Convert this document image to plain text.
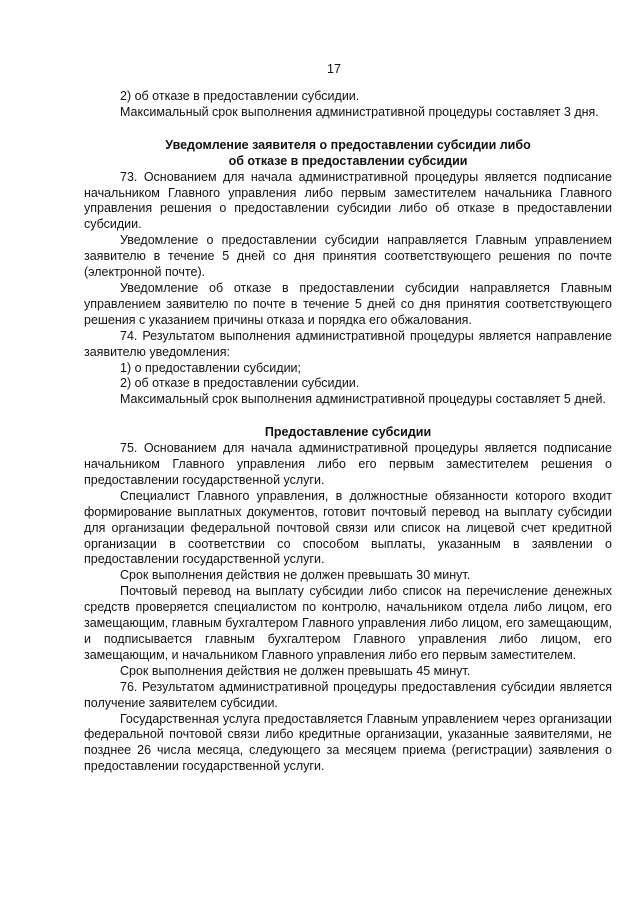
17

2) об отказе в предоставлении субсидии.

Максимальный срок выполнения административной процедуры составляет 3 дня.

Уведомление заявителя о предоставлении субсидии либо
об отказе в предоставлении субсидии

73. Основанием для начала административной процедуры является подписание начальником Главного управления либо первым заместителем начальника Главного управления решения о предоставлении субсидии либо об отказе в предоставлении субсидии.

Уведомление о предоставлении субсидии направляется Главным управлением заявителю в течение 5 дней со дня принятия соответствующего решения по почте (электронной почте).

Уведомление об отказе в предоставлении субсидии направляется Главным управлением заявителю по почте в течение 5 дней со дня принятия соответствующего решения с указанием причины отказа и порядка его обжалования.

74. Результатом выполнения административной процедуры является направление заявителю уведомления:

1) о предоставлении субсидии;

2) об отказе в предоставлении субсидии.

Максимальный срок выполнения административной процедуры составляет 5 дней.

Предоставление субсидии

75. Основанием для начала административной процедуры является подписание начальником Главного управления либо его первым заместителем решения о предоставлении государственной услуги.

Специалист Главного управления, в должностные обязанности которого входит формирование выплатных документов, готовит почтовый перевод на выплату субсидии для организации федеральной почтовой связи или список на лицевой счет кредитной организации в соответствии со способом выплаты, указанным в заявлении о предоставлении государственной услуги.

Срок выполнения действия не должен превышать 30 минут.

Почтовый перевод на выплату субсидии либо список на перечисление денежных средств проверяется специалистом по контролю, начальником отдела либо лицом, его замещающим, главным бухгалтером Главного управления либо лицом, его замещающим, и подписывается главным бухгалтером Главного управления либо лицом, его замещающим, и начальником Главного управления либо его первым заместителем.

Срок выполнения действия не должен превышать 45 минут.

76. Результатом административной процедуры предоставления субсидии является получение заявителем субсидии.

Государственная услуга предоставляется Главным управлением через организации федеральной почтовой связи либо кредитные организации, указанные заявителями, не позднее 26 числа месяца, следующего за месяцем приема (регистрации) заявления о предоставлении государственной услуги.
